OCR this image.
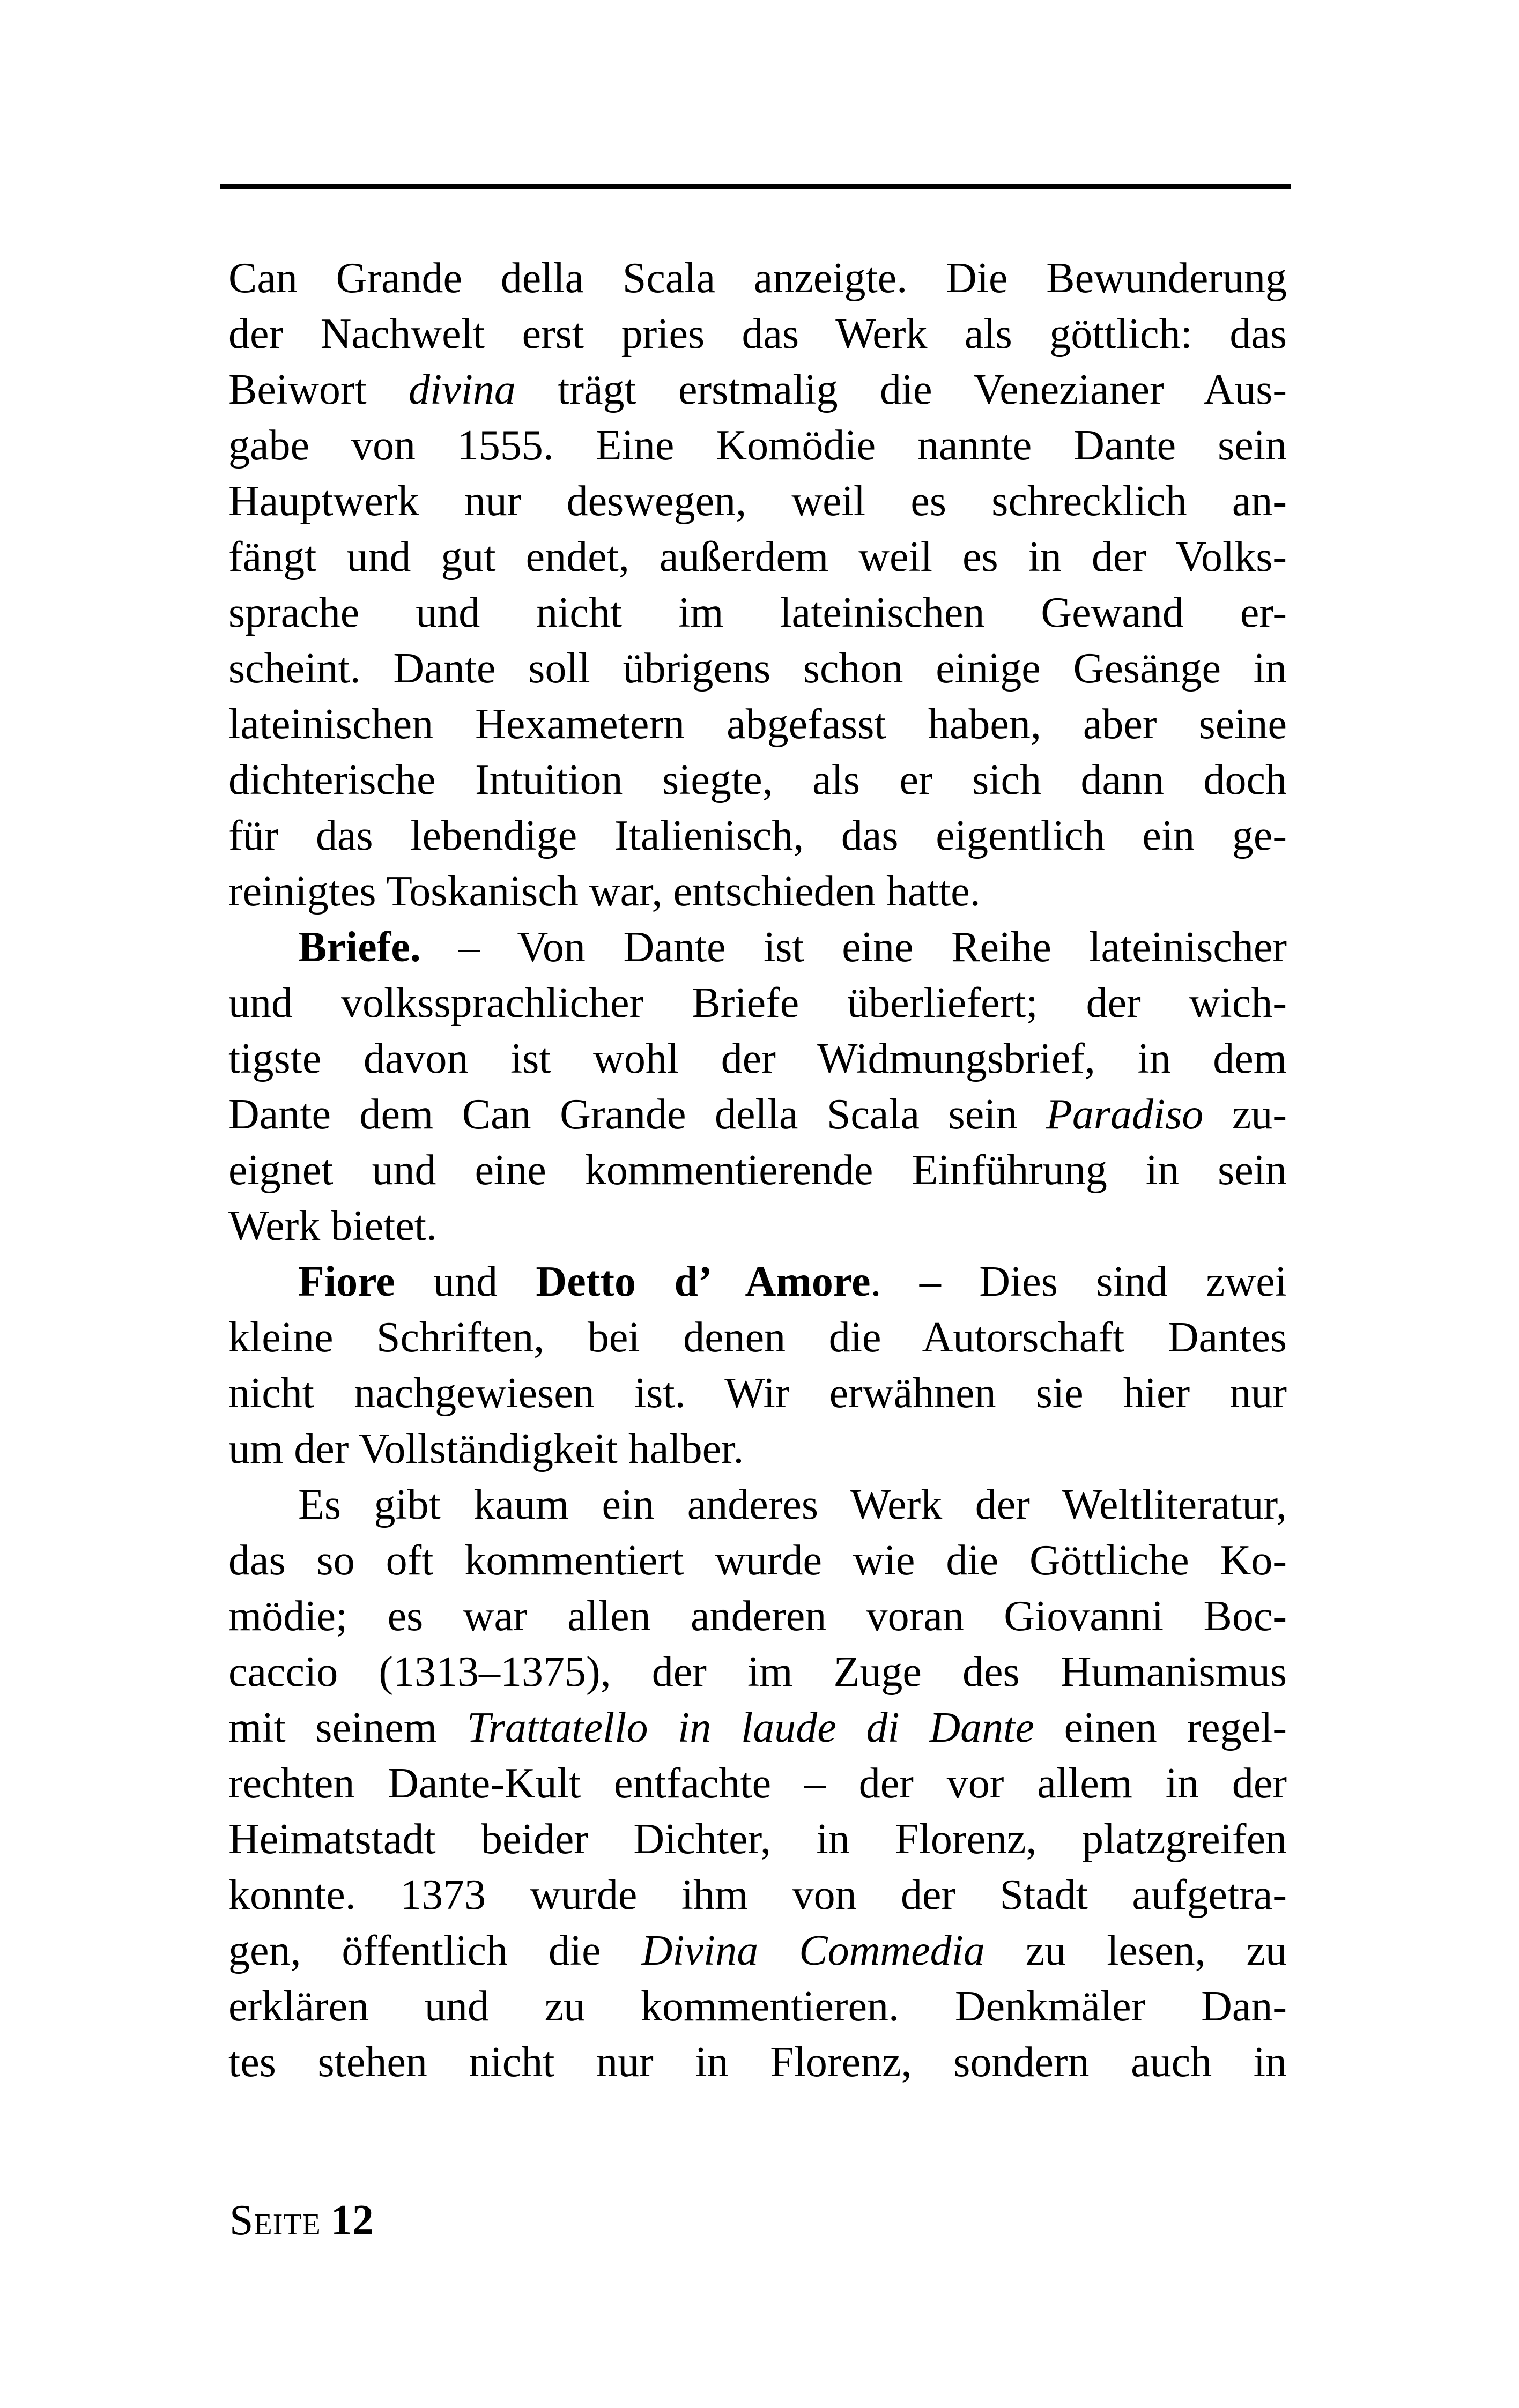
Can Grande della Scala anzeigte. Die Bewunderung
der Nachwelt erst pries das Werk als göttlich: das
Beiwort divina trägt erstmalig die Venezianer Aus-
gabe von 1555. Eine Komödie nannte Dante sein
Hauptwerk nur deswegen, weil es schrecklich an-
fängt und gut endet, außerdem weil es in der Volks-
sprache und nicht im lateinischen Gewand er-
scheint. Dante soll übrigens schon einige Gesänge in
lateinischen Hexametern abgefasst haben, aber seine
dichterische Intuition siegte, als er sich dann doch
für das lebendige Italienisch, das eigentlich ein ge-
reinigtes Toskanisch war, entschieden hatte.
Briefe. – Von Dante ist eine Reihe lateinischer
und volkssprachlicher Briefe überliefert; der wich-
tigste davon ist wohl der Widmungsbrief, in dem
Dante dem Can Grande della Scala sein Paradiso zu-
eignet und eine kommentierende Einführung in sein
Werk bietet.
Fiore und Detto d’ Amore. – Dies sind zwei
kleine Schriften, bei denen die Autorschaft Dantes
nicht nachgewiesen ist. Wir erwähnen sie hier nur
um der Vollständigkeit halber.
Es gibt kaum ein anderes Werk der Weltliteratur,
das so oft kommentiert wurde wie die Göttliche Ko-
mödie; es war allen anderen voran Giovanni Boc-
caccio (1313–1375), der im Zuge des Humanismus
mit seinem Trattatello in laude di Dante einen regel-
rechten Dante-Kult entfachte – der vor allem in der
Heimatstadt beider Dichter, in Florenz, platzgreifen
konnte. 1373 wurde ihm von der Stadt aufgetra-
gen, öffentlich die Divina Commedia zu lesen, zu
erklären und zu kommentieren. Denkmäler Dan-
tes stehen nicht nur in Florenz, sondern auch in
Seite 12
